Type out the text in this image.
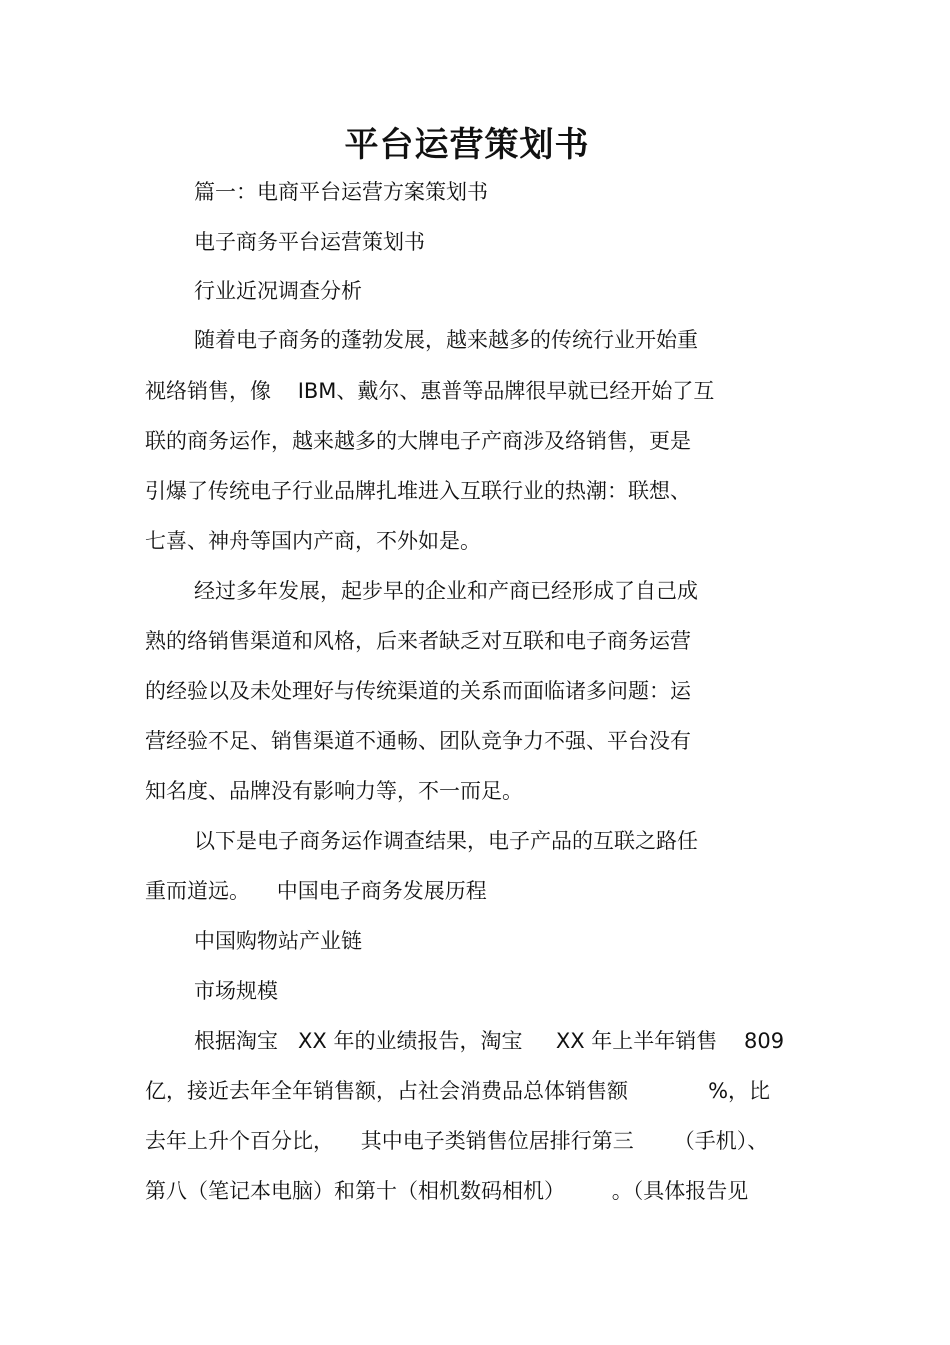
平台运营策划书

篇一：电商平台运营方案策划书

电子商务平台运营策划书

行业近况调查分析

随着电子商务的蓬勃发展，越来越多的传统行业开始重

视络销售，像    IBM、戴尔、惠普等品牌很早就已经开始了互

联的商务运作，越来越多的大牌电子产商涉及络销售，更是

引爆了传统电子行业品牌扎堆进入互联行业的热潮：联想、

七喜、神舟等国内产商，不外如是。

经过多年发展，起步早的企业和产商已经形成了自己成

熟的络销售渠道和风格，后来者缺乏对互联和电子商务运营

的经验以及未处理好与传统渠道的关系而面临诸多问题：运

营经验不足、销售渠道不通畅、团队竞争力不强、平台没有

知名度、品牌没有影响力等，不一而足。

以下是电子商务运作调查结果，电子产品的互联之路任

重而道远。    中国电子商务发展历程

中国购物站产业链

市场规模

根据淘宝   XX 年的业绩报告，淘宝     XX 年上半年销售    809

亿，接近去年全年销售额，占社会消费品总体销售额            %，比

去年上升个百分比，    其中电子类销售位居排行第三      （手机）、

第八（笔记本电脑）和第十（相机数码相机）       。（具体报告见
